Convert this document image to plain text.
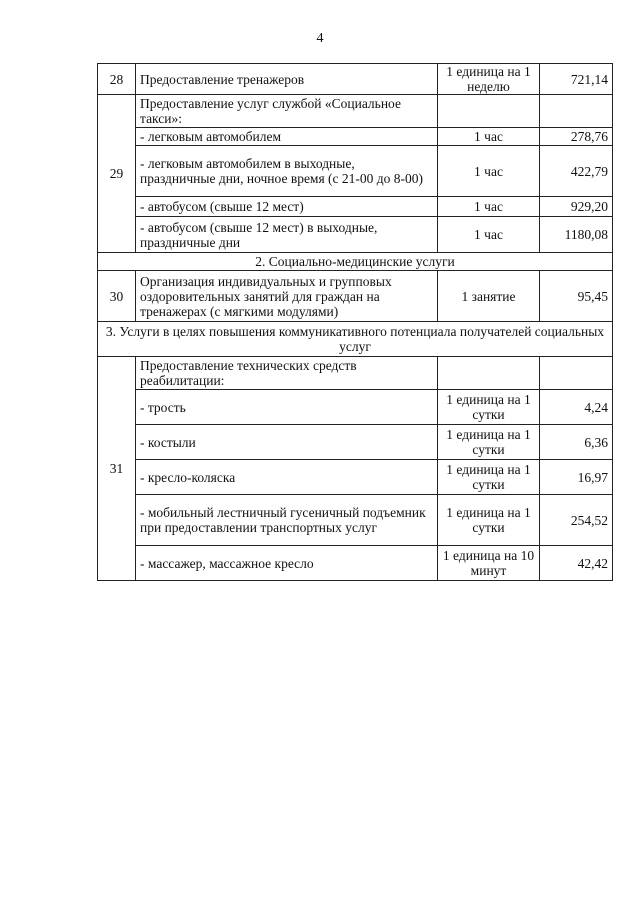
4
28	Предоставление тренажеров	1 единица на 1 неделю	721,14
29	Предоставление услуг службой «Социальное такси»:		
	- легковым автомобилем	1 час	278,76
	- легковым автомобилем в выходные, праздничные дни, ночное время (с 21-00 до 8-00)	1 час	422,79
	- автобусом (свыше 12 мест)	1 час	929,20
	- автобусом (свыше 12 мест) в выходные, праздничные дни	1 час	1180,08
2. Социально-медицинские услуги			
30	Организация индивидуальных и групповых оздоровительных занятий для граждан на тренажерах (с мягкими модулями)	1 занятие	95,45
3. Услуги в целях повышения коммуникативного потенциала получателей социальных услуг			
31	Предоставление технических средств реабилитации:		
	- трость	1 единица на 1 сутки	4,24
	- костыли	1 единица на 1 сутки	6,36
	- кресло-коляска	1 единица на 1 сутки	16,97
	- мобильный лестничный гусеничный подъемник при предоставлении транспортных услуг	1 единица на 1 сутки	254,52
	- массажер, массажное кресло	1 единица на 10 минут	42,42
